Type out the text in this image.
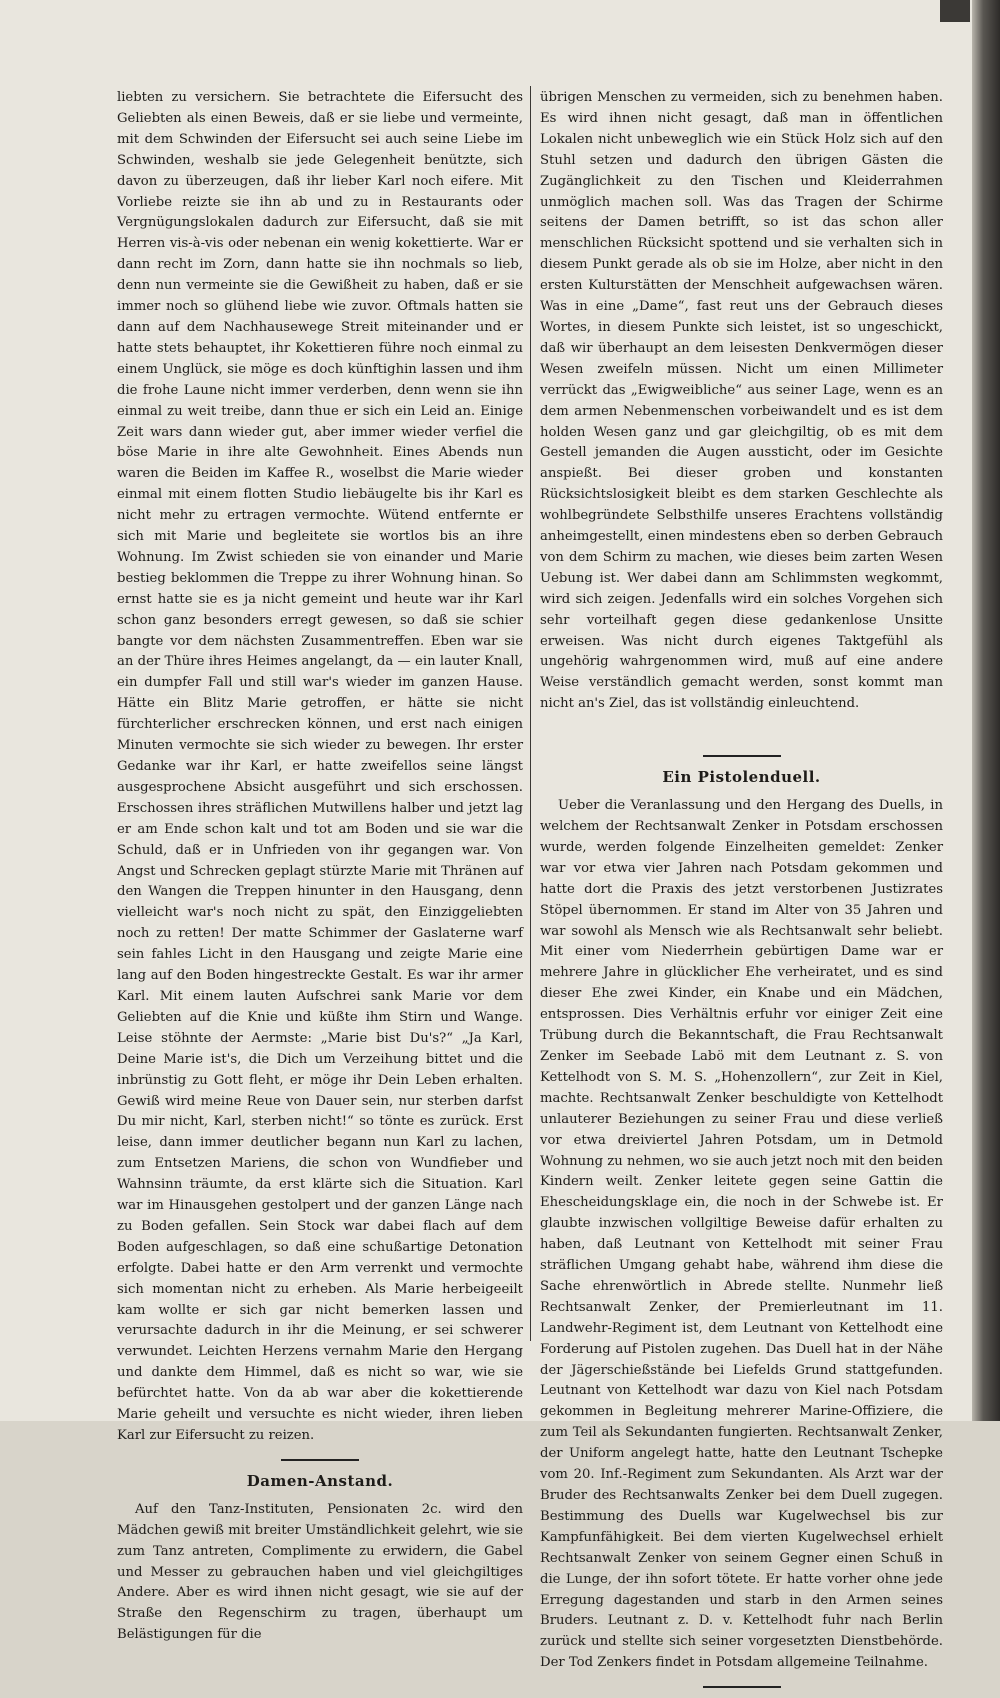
liebten zu versichern. Sie betrachtete die Eifersucht des Geliebten als einen Beweis, daß er sie liebe und vermeinte, mit dem Schwinden der Eifersucht sei auch seine Liebe im Schwinden, weshalb sie jede Gelegenheit benützte, sich davon zu überzeugen, daß ihr lieber Karl noch eifere. Mit Vorliebe reizte sie ihn ab und zu in Restaurants oder Vergnügungslokalen dadurch zur Eifersucht, daß sie mit Herren vis-à-vis oder nebenan ein wenig kokettierte. War er dann recht im Zorn, dann hatte sie ihn nochmals so lieb, denn nun vermeinte sie die Gewißheit zu haben, daß er sie immer noch so glühend liebe wie zuvor. Oftmals hatten sie dann auf dem Nachhausewege Streit miteinander und er hatte stets behauptet, ihr Kokettieren führe noch einmal zu einem Unglück, sie möge es doch künftighin lassen und ihm die frohe Laune nicht immer verderben, denn wenn sie ihn einmal zu weit treibe, dann thue er sich ein Leid an. Einige Zeit wars dann wieder gut, aber immer wieder verfiel die böse Marie in ihre alte Gewohnheit. Eines Abends nun waren die Beiden im Kaffee R., woselbst die Marie wieder einmal mit einem flotten Studio liebäugelte bis ihr Karl es nicht mehr zu ertragen vermochte. Wütend entfernte er sich mit Marie und begleitete sie wortlos bis an ihre Wohnung. Im Zwist schieden sie von einander und Marie bestieg beklommen die Treppe zu ihrer Wohnung hinan. So ernst hatte sie es ja nicht gemeint und heute war ihr Karl schon ganz besonders erregt gewesen, so daß sie schier bangte vor dem nächsten Zusammentreffen. Eben war sie an der Thüre ihres Heimes angelangt, da — ein lauter Knall, ein dumpfer Fall und still war's wieder im ganzen Hause. Hätte ein Blitz Marie getroffen, er hätte sie nicht fürchterlicher erschrecken können, und erst nach einigen Minuten vermochte sie sich wieder zu bewegen. Ihr erster Gedanke war ihr Karl, er hatte zweifellos seine längst ausgesprochene Absicht ausgeführt und sich erschossen. Erschossen ihres sträflichen Mutwillens halber und jetzt lag er am Ende schon kalt und tot am Boden und sie war die Schuld, daß er in Unfrieden von ihr gegangen war. Von Angst und Schrecken geplagt stürzte Marie mit Thränen auf den Wangen die Treppen hinunter in den Hausgang, denn vielleicht war's noch nicht zu spät, den Einziggeliebten noch zu retten! Der matte Schimmer der Gaslaterne warf sein fahles Licht in den Hausgang und zeigte Marie eine lang auf den Boden hingestreckte Gestalt. Es war ihr armer Karl. Mit einem lauten Aufschrei sank Marie vor dem Geliebten auf die Knie und küßte ihm Stirn und Wange. Leise stöhnte der Aermste: „Marie bist Du's?“ „Ja Karl, Deine Marie ist's, die Dich um Verzeihung bittet und die inbrünstig zu Gott fleht, er möge ihr Dein Leben erhalten. Gewiß wird meine Reue von Dauer sein, nur sterben darfst Du mir nicht, Karl, sterben nicht!“ so tönte es zurück. Erst leise, dann immer deutlicher begann nun Karl zu lachen, zum Entsetzen Mariens, die schon von Wundfieber und Wahnsinn träumte, da erst klärte sich die Situation. Karl war im Hinausgehen gestolpert und der ganzen Länge nach zu Boden gefallen. Sein Stock war dabei flach auf dem Boden aufgeschlagen, so daß eine schußartige Detonation erfolgte. Dabei hatte er den Arm verrenkt und vermochte sich momentan nicht zu erheben. Als Marie herbeigeeilt kam wollte er sich gar nicht bemerken lassen und verursachte dadurch in ihr die Meinung, er sei schwerer verwundet. Leichten Herzens vernahm Marie den Hergang und dankte dem Himmel, daß es nicht so war, wie sie befürchtet hatte. Von da ab war aber die kokettierende Marie geheilt und versuchte es nicht wieder, ihren lieben Karl zur Eifersucht zu reizen.

Damen-Anstand.

Auf den Tanz-Instituten, Pensionaten 2c. wird den Mädchen gewiß mit breiter Umständlichkeit gelehrt, wie sie zum Tanz antreten, Complimente zu erwidern, die Gabel und Messer zu gebrauchen haben und viel gleichgiltiges Andere. Aber es wird ihnen nicht gesagt, wie sie auf der Straße den Regenschirm zu tragen, überhaupt um Belästigungen für die

übrigen Menschen zu vermeiden, sich zu benehmen haben. Es wird ihnen nicht gesagt, daß man in öffentlichen Lokalen nicht unbeweglich wie ein Stück Holz sich auf den Stuhl setzen und dadurch den übrigen Gästen die Zugänglichkeit zu den Tischen und Kleiderrahmen unmöglich machen soll. Was das Tragen der Schirme seitens der Damen betrifft, so ist das schon aller menschlichen Rücksicht spottend und sie verhalten sich in diesem Punkt gerade als ob sie im Holze, aber nicht in den ersten Kulturstätten der Menschheit aufgewachsen wären. Was in eine „Dame“, fast reut uns der Gebrauch dieses Wortes, in diesem Punkte sich leistet, ist so ungeschickt, daß wir überhaupt an dem leisesten Denkvermögen dieser Wesen zweifeln müssen. Nicht um einen Millimeter verrückt das „Ewigweibliche“ aus seiner Lage, wenn es an dem armen Nebenmenschen vorbeiwandelt und es ist dem holden Wesen ganz und gar gleichgiltig, ob es mit dem Gestell jemanden die Augen aussticht, oder im Gesichte anspießt. Bei dieser groben und konstanten Rücksichtslosigkeit bleibt es dem starken Geschlechte als wohlbegründete Selbsthilfe unseres Erachtens vollständig anheimgestellt, einen mindestens eben so derben Gebrauch von dem Schirm zu machen, wie dieses beim zarten Wesen Uebung ist. Wer dabei dann am Schlimmsten wegkommt, wird sich zeigen. Jedenfalls wird ein solches Vorgehen sich sehr vorteilhaft gegen diese gedankenlose Unsitte erweisen. Was nicht durch eigenes Taktgefühl als ungehörig wahrgenommen wird, muß auf eine andere Weise verständlich gemacht werden, sonst kommt man nicht an's Ziel, das ist vollständig einleuchtend.

Ein Pistolenduell.

Ueber die Veranlassung und den Hergang des Duells, in welchem der Rechtsanwalt Zenker in Potsdam erschossen wurde, werden folgende Einzelheiten gemeldet: Zenker war vor etwa vier Jahren nach Potsdam gekommen und hatte dort die Praxis des jetzt verstorbenen Justizrates Stöpel übernommen. Er stand im Alter von 35 Jahren und war sowohl als Mensch wie als Rechtsanwalt sehr beliebt. Mit einer vom Niederrhein gebürtigen Dame war er mehrere Jahre in glücklicher Ehe verheiratet, und es sind dieser Ehe zwei Kinder, ein Knabe und ein Mädchen, entsprossen. Dies Verhältnis erfuhr vor einiger Zeit eine Trübung durch die Bekanntschaft, die Frau Rechtsanwalt Zenker im Seebade Labö mit dem Leutnant z. S. von Kettelhodt von S. M. S. „Hohenzollern“, zur Zeit in Kiel, machte. Rechtsanwalt Zenker beschuldigte von Kettelhodt unlauterer Beziehungen zu seiner Frau und diese verließ vor etwa dreiviertel Jahren Potsdam, um in Detmold Wohnung zu nehmen, wo sie auch jetzt noch mit den beiden Kindern weilt. Zenker leitete gegen seine Gattin die Ehescheidungsklage ein, die noch in der Schwebe ist. Er glaubte inzwischen vollgiltige Beweise dafür erhalten zu haben, daß Leutnant von Kettelhodt mit seiner Frau sträflichen Umgang gehabt habe, während ihm diese die Sache ehrenwörtlich in Abrede stellte. Nunmehr ließ Rechtsanwalt Zenker, der Premierleutnant im 11. Landwehr-Regiment ist, dem Leutnant von Kettelhodt eine Forderung auf Pistolen zugehen. Das Duell hat in der Nähe der Jägerschießstände bei Liefelds Grund stattgefunden. Leutnant von Kettelhodt war dazu von Kiel nach Potsdam gekommen in Begleitung mehrerer Marine-Offiziere, die zum Teil als Sekundanten fungierten. Rechtsanwalt Zenker, der Uniform angelegt hatte, hatte den Leutnant Tschepke vom 20. Inf.-Regiment zum Sekundanten. Als Arzt war der Bruder des Rechtsanwalts Zenker bei dem Duell zugegen. Bestimmung des Duells war Kugelwechsel bis zur Kampfunfähigkeit. Bei dem vierten Kugelwechsel erhielt Rechtsanwalt Zenker von seinem Gegner einen Schuß in die Lunge, der ihn sofort tötete. Er hatte vorher ohne jede Erregung dagestanden und starb in den Armen seines Bruders. Leutnant z. D. v. Kettelhodt fuhr nach Berlin zurück und stellte sich seiner vorgesetzten Dienstbehörde. Der Tod Zenkers findet in Potsdam allgemeine Teilnahme.
